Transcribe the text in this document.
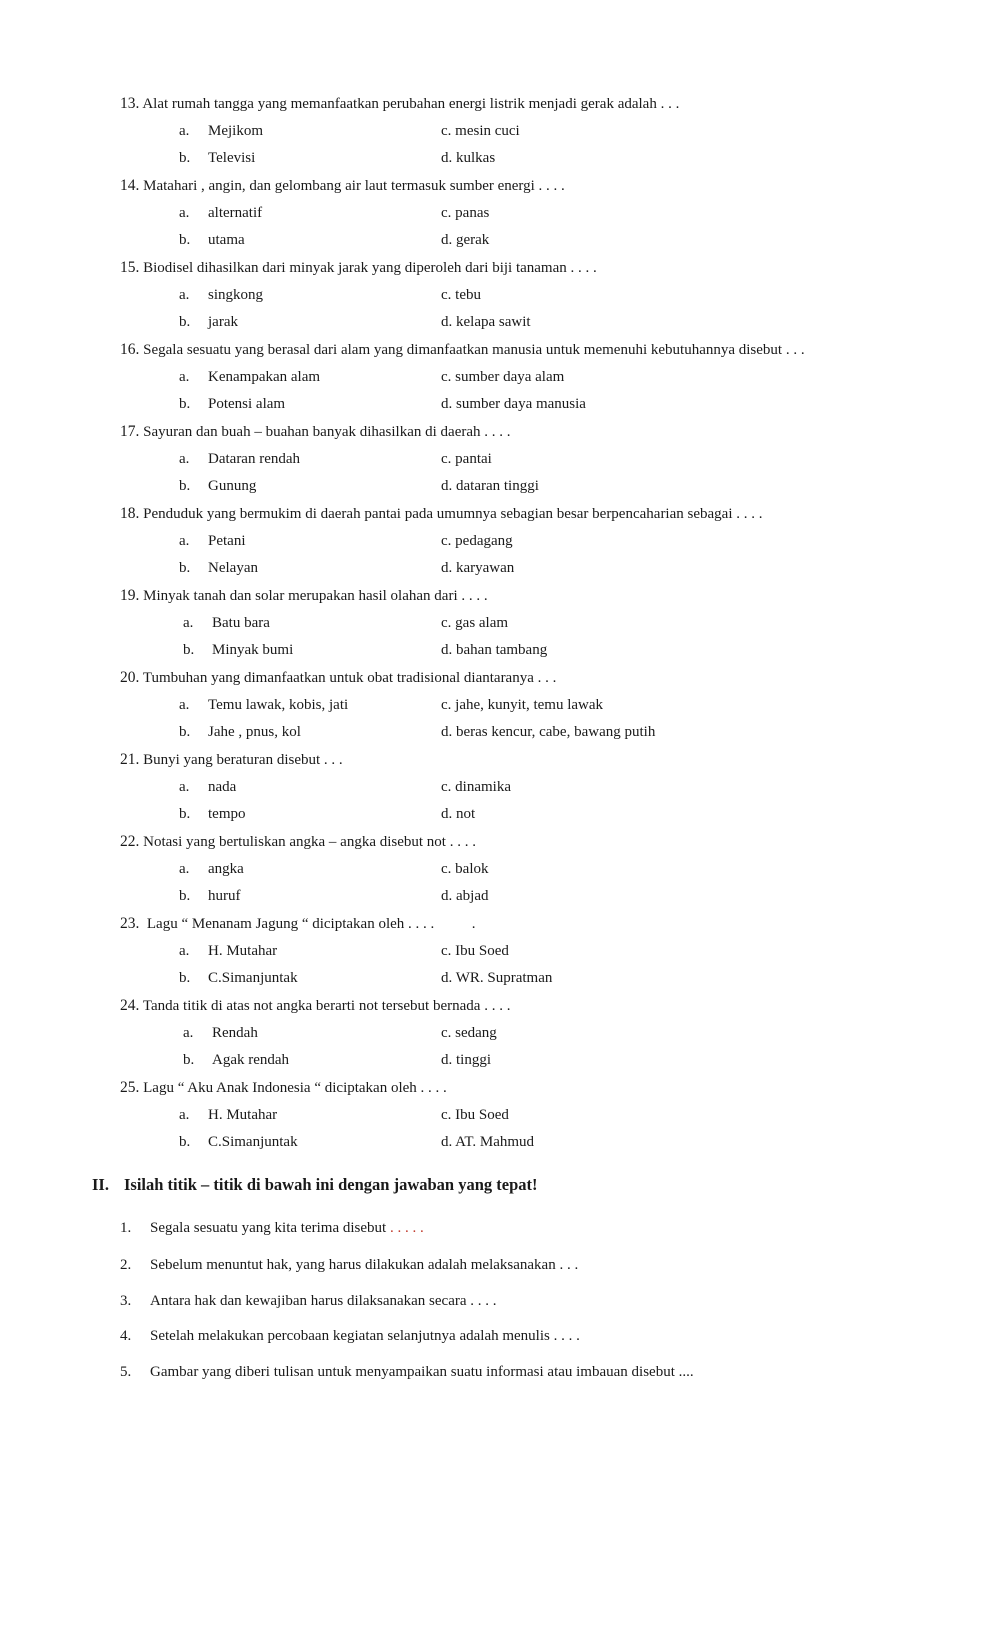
13. Alat rumah tangga yang memanfaatkan perubahan energi listrik menjadi gerak adalah . . .
a. Mejikom	c. mesin cuci
b. Televisi	d. kulkas
14. Matahari , angin, dan gelombang air laut termasuk sumber energi . . . .
a. alternatif	c. panas
b. utama	d. gerak
15. Biodisel dihasilkan dari minyak jarak yang diperoleh dari biji tanaman . . . .
a. singkong	c. tebu
b. jarak	d. kelapa sawit
16. Segala sesuatu yang berasal dari alam yang dimanfaatkan manusia untuk memenuhi kebutuhannya disebut . . .
a. Kenampakan alam	c. sumber daya alam
b. Potensi alam	d. sumber daya manusia
17. Sayuran dan buah – buahan banyak dihasilkan di daerah . . . .
a. Dataran rendah	c. pantai
b. Gunung	d. dataran tinggi
18. Penduduk yang bermukim di daerah pantai pada umumnya sebagian besar berpencaharian sebagai . . . .
a. Petani	c. pedagang
b. Nelayan	d. karyawan
19. Minyak tanah dan solar merupakan hasil olahan dari . . . .
a. Batu bara	c. gas alam
b. Minyak bumi	d. bahan tambang
20. Tumbuhan yang dimanfaatkan untuk obat tradisional diantaranya . . .
a. Temu lawak, kobis, jati	c. jahe, kunyit, temu lawak
b. Jahe , pnus, kol	d. beras kencur, cabe, bawang putih
21. Bunyi yang beraturan disebut . . .
a. nada	c. dinamika
b. tempo	d. not
22. Notasi yang bertuliskan angka – angka disebut not . . . .
a. angka	c. balok
b. huruf	d. abjad
23.  Lagu “ Menanam Jagung “ diciptakan oleh . . . .          .
a. H. Mutahar	c. Ibu Soed
b. C.Simanjuntak	d. WR. Supratman
24. Tanda titik di atas not angka berarti not tersebut bernada . . . .
a. Rendah	c. sedang
b. Agak rendah	d. tinggi
25. Lagu “ Aku Anak Indonesia “ diciptakan oleh . . . .
a. H. Mutahar	c. Ibu Soed
b. C.Simanjuntak	d. AT. Mahmud
II. Isilah titik – titik di bawah ini dengan jawaban yang tepat!
1. Segala sesuatu yang kita terima disebut . . . . .
2. Sebelum menuntut hak, yang harus dilakukan adalah melaksanakan . . .
3. Antara hak dan kewajiban harus dilaksanakan secara . . . .
4. Setelah melakukan percobaan kegiatan selanjutnya adalah menulis . . . .
5. Gambar yang diberi tulisan untuk menyampaikan suatu informasi atau imbauan disebut ....
